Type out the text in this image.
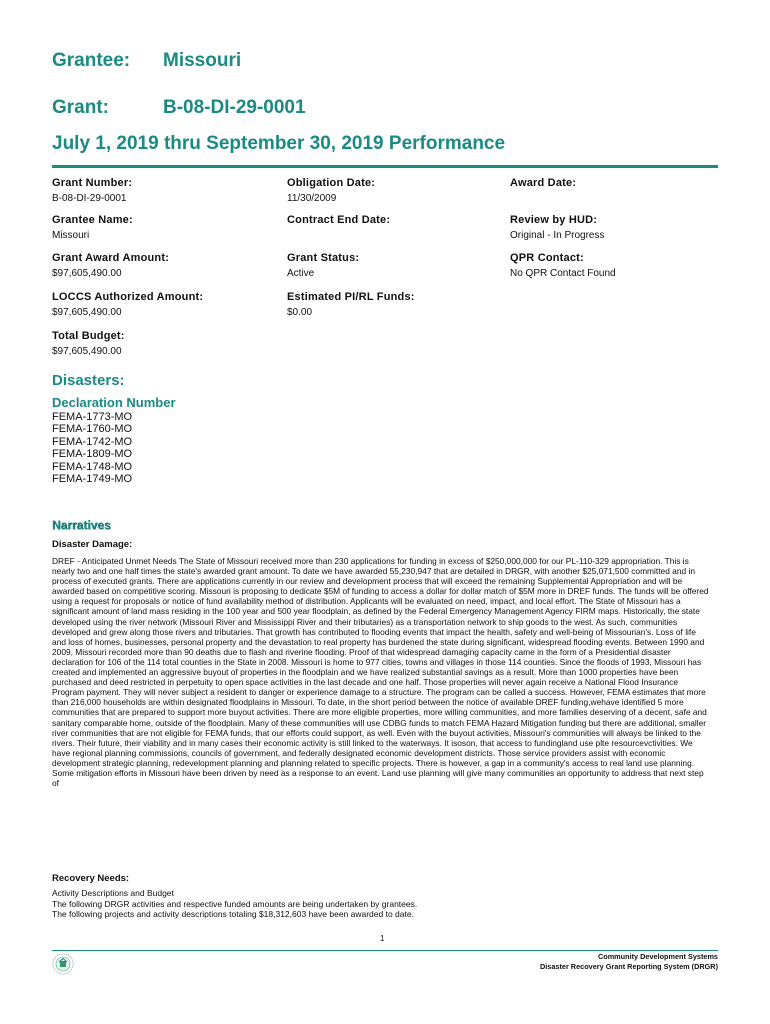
Grantee: Missouri
Grant:	B-08-DI-29-0001
July 1, 2019 thru September 30, 2019 Performance
Grant Number:
B-08-DI-29-0001
Obligation Date:
11/30/2009
Award Date:
Grantee Name:
Missouri
Contract End Date:	Review by HUD:
Original - In Progress
Grant Award Amount:
$97,605,490.00
Grant Status:
Active
QPR Contact:
No QPR Contact Found
LOCCS Authorized Amount:
$97,605,490.00
Estimated PI/RL Funds:
$0.00
Total Budget:
$97,605,490.00
Disasters:
Declaration Number
FEMA-1773-MO
FEMA-1760-MO
FEMA-1742-MO
FEMA-1809-MO
FEMA-1748-MO
FEMA-1749-MO
Narratives
Disaster Damage:
DREF - Anticipated Unmet Needs The State of Missouri received more than 230 applications for funding in excess of $250,000,000 for our PL-110-329 appropriation. This is nearly two and one half times the state's awarded grant amount. To date we have awarded 55,230,947 that are detailed in DRGR, with another $25,071,500 committed and in process of executed grants. There are applications currently in our review and development process that will exceed the remaining Supplemental Appropriation and will be awarded based on competitive scoring. Missouri is proposing to dedicate $5M of funding to access a dollar for dollar match of $5M more in DREF funds. The funds will be offered using a request for proposals or notice of fund availability method of distribution. Applicants will be evaluated on need, impact, and local effort. The State of Missouri has a significant amount of land mass residing in the 100 year and 500 year floodplain, as defined by the Federal Emergency Management Agency FIRM maps. Historically, the state developed using the river network (Missouri River and Mississippi River and their tributaries) as a transportation network to ship goods to the west. As such, communities developed and grew along those rivers and tributaries. That growth has contributed to flooding events that impact the health, safety and well-being of Missourian's. Loss of life and loss of homes, businesses, personal property and the devastation to real property has burdened the state during significant, widespread flooding events. Between 1990 and 2009, Missouri recorded more than 90 deaths due to flash and riverine flooding. Proof of that widespread damaging capacity came in the form of a Presidential disaster declaration for 106 of the 114 total counties in the State in 2008. Missouri is home to 977 cities, towns and villages in those 114 counties. Since the floods of 1993, Missouri has created and implemented an aggressive buyout of properties in the floodplain and we have realized substantial savings as a result. More than 1000 properties have been purchased and deed restricted in perpetuity to open space activities in the last decade and one half. Those properties will never again receive a National Flood Insurance Program payment. They will never subject a resident to danger or experience damage to a structure. The program can be called a success. However, FEMA estimates that more than 216,000 households are within designated floodplains in Missouri. To date, in the short period between the notice of available DREF funding,wehave identified 5 more communities that are prepared to support more buyout activities. There are more eligible properties, more willing communities, and more families deserving of a decent, safe and sanitary comparable home, outside of the floodplain. Many of these communities will use CDBG funds to match FEMA Hazard Mitigation funding but there are additional, smaller river communities that are not eligible for FEMA funds, that our efforts could support, as well. Even with the buyout activities, Missouri's communities will always be linked to the rivers. Their future, their viability and in many cases their economic activity is still linked to the waterways. It isoson, that access to fundingland use plte resourcevctivities. We have regional planning commissions, councils of government, and federally designated economic development districts. Those service providers assist with economic development strategic planning, redevelopment planning and planning related to specific projects. There is however, a gap in a community's access to real land use planning. Some mitigation efforts in Missouri have been driven by need as a response to an event. Land use planning will give many communities an opportunity to address that next step of
Recovery Needs:
Activity Descriptions and Budget
The following DRGR activities and respective funded amounts are being undertaken by grantees.
The following projects and activity descriptions totaling $18,312,603 have been awarded to date.
1
Community Development Systems
Disaster Recovery Grant Reporting System (DRGR)
